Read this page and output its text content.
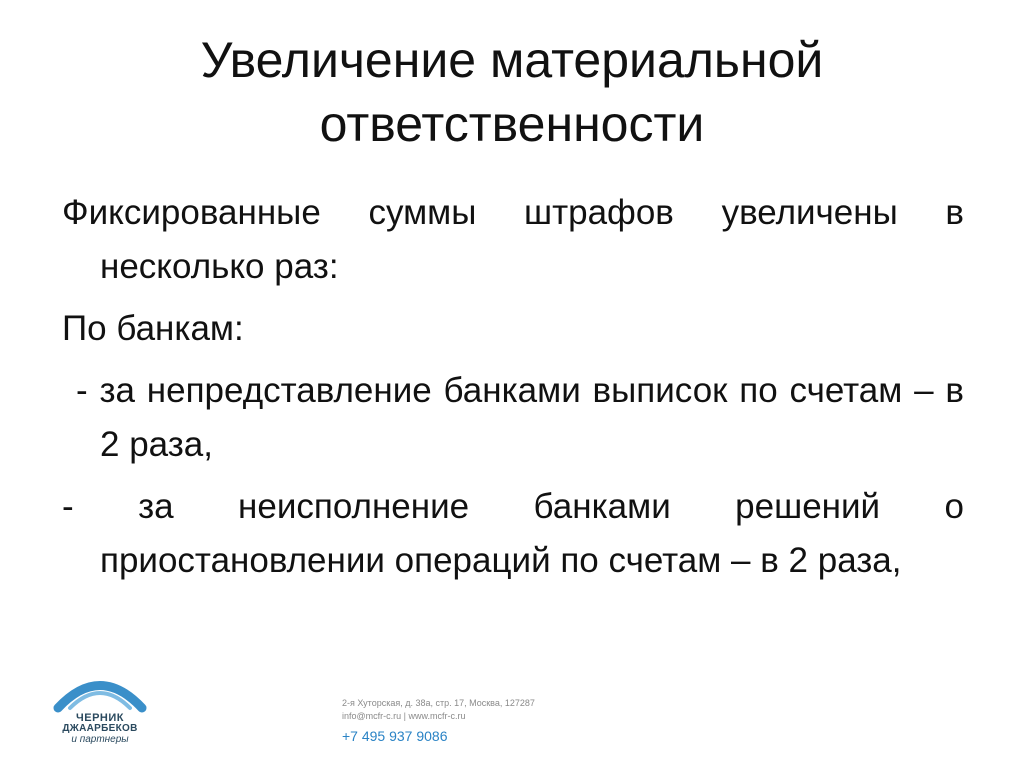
Увеличение материальной
ответственности

Фиксированные суммы штрафов увеличены в несколько раз:

По банкам:

- за непредставление банками выписок по счетам – в 2 раза,

- за неисполнение банками решений о приостановлении операций по счетам – в 2 раза,

ЧЕРНИК
ДЖААРБЕКОВ
и партнеры
2-я Хуторская, д. 38а, стр. 17, Москва, 127287
info@mcfr-c.ru | www.mcfr-c.ru
+7 495 937 9086
